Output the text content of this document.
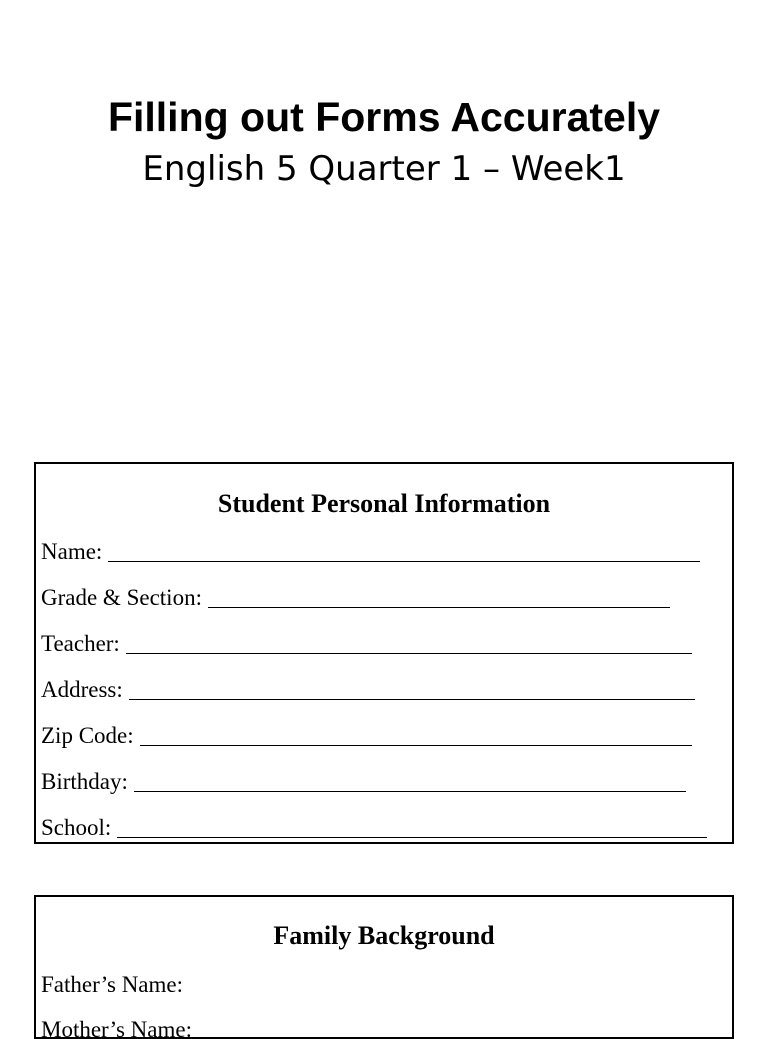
Filling out Forms Accurately
English 5 Quarter 1 – Week1
Student Personal Information
Name:
Grade & Section:
Teacher:
Address:
Zip Code:
Birthday:
School:
Family Background
Father’s Name:
Mother’s Name:
